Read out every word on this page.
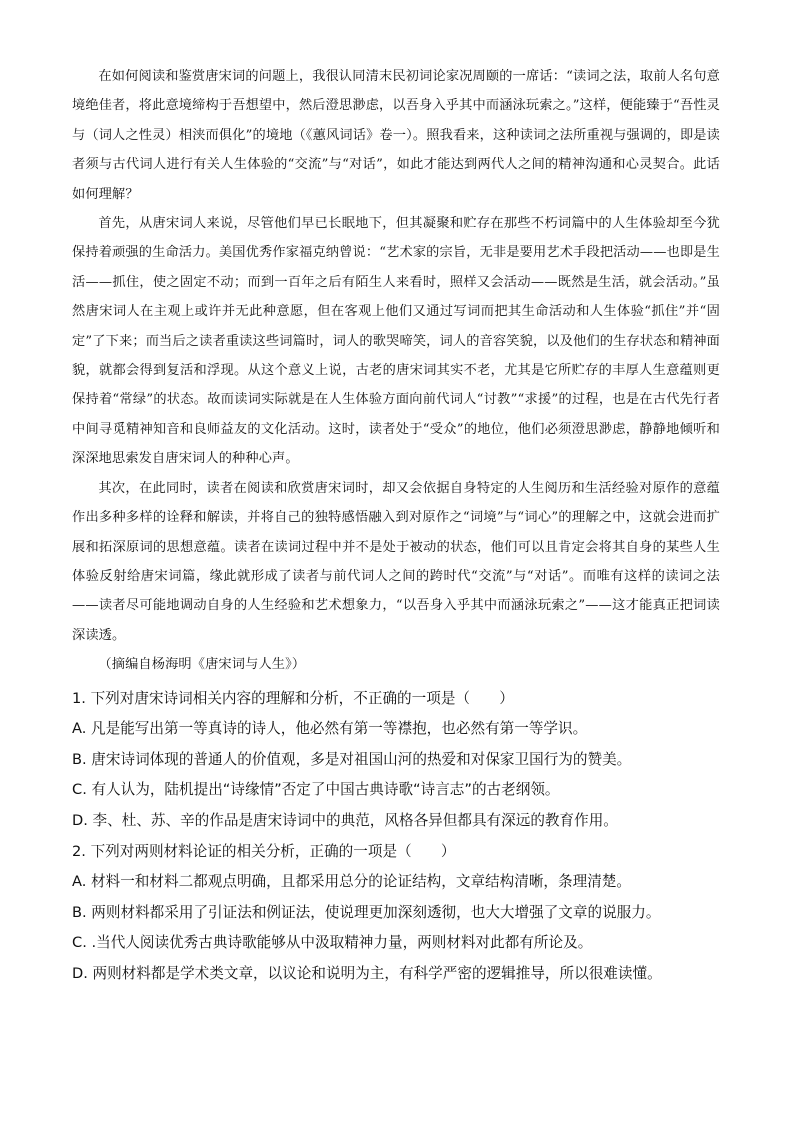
在如何阅读和鉴赏唐宋词的问题上，我很认同清末民初词论家况周颐的一席话：“读词之法，取前人名句意境绝佳者，将此意境缔构于吾想望中，然后澄思渺虑，以吾身入乎其中而涵泳玩索之。”这样，便能臻于“吾性灵与（词人之性灵）相浃而俱化”的境地（《蕙风词话》卷一）。照我看来，这种读词之法所重视与强调的，即是读者须与古代词人进行有关人生体验的“交流”与“对话”，如此才能达到两代人之间的精神沟通和心灵契合。此话如何理解？

首先，从唐宋词人来说，尽管他们早已长眠地下，但其凝聚和贮存在那些不朽词篇中的人生体验却至今犹保持着顽强的生命活力。美国优秀作家福克纳曾说：“艺术家的宗旨，无非是要用艺术手段把活动——也即是生活——抓住，使之固定不动；而到一百年之后有陌生人来看时，照样又会活动——既然是生活，就会活动。”虽然唐宋词人在主观上或许并无此种意愿，但在客观上他们又通过写词而把其生命活动和人生体验“抓住”并“固定”了下来；而当后之读者重读这些词篇时，词人的歌哭啼笑，词人的音容笑貌，以及他们的生存状态和精神面貌，就都会得到复活和浮现。从这个意义上说，古老的唐宋词其实不老，尤其是它所贮存的丰厚人生意蕴则更保持着“常绿”的状态。故而读词实际就是在人生体验方面向前代词人“讨教”“求援”的过程，也是在古代先行者中间寻觅精神知音和良师益友的文化活动。这时，读者处于“受众”的地位，他们必须澄思渺虑，静静地倾听和深深地思索发自唐宋词人的种种心声。

其次，在此同时，读者在阅读和欣赏唐宋词时，却又会依据自身特定的人生阅历和生活经验对原作的意蕴作出多种多样的诠释和解读，并将自己的独特感悟融入到对原作之“词境”与“词心”的理解之中，这就会进而扩展和拓深原词的思想意蕴。读者在读词过程中并不是处于被动的状态，他们可以且肯定会将其自身的某些人生体验反射给唐宋词篇，缘此就形成了读者与前代词人之间的跨时代“交流”与“对话”。而唯有这样的读词之法——读者尽可能地调动自身的人生经验和艺术想象力，“以吾身入乎其中而涵泳玩索之”——这才能真正把词读深读透。

（摘编自杨海明《唐宋词与人生》）

1. 下列对唐宋诗词相关内容的理解和分析，不正确的一项是（　　）

A. 凡是能写出第一等真诗的诗人，他必然有第一等襟抱，也必然有第一等学识。

B. 唐宋诗词体现的普通人的价值观，多是对祖国山河的热爱和对保家卫国行为的赞美。

C. 有人认为，陆机提出“诗缘情”否定了中国古典诗歌“诗言志”的古老纲领。

D. 李、杜、苏、辛的作品是唐宋诗词中的典范，风格各异但都具有深远的教育作用。

2. 下列对两则材料论证的相关分析，正确的一项是（　　）

A. 材料一和材料二都观点明确，且都采用总分的论证结构，文章结构清晰，条理清楚。

B. 两则材料都采用了引证法和例证法，使说理更加深刻透彻，也大大增强了文章的说服力。

C. .当代人阅读优秀古典诗歌能够从中汲取精神力量，两则材料对此都有所论及。

D. 两则材料都是学术类文章，以议论和说明为主，有科学严密的逻辑推导，所以很难读懂。
